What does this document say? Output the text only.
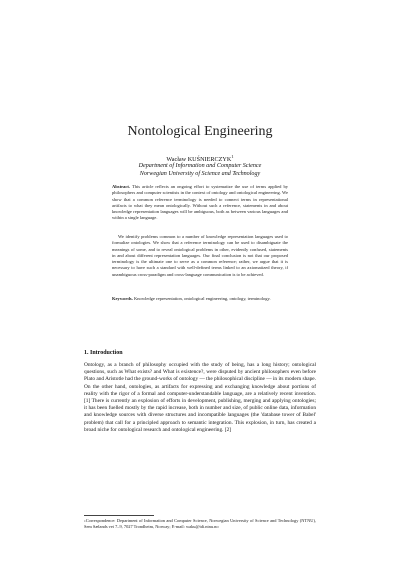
Nontological Engineering
Wacław KUŚNIERCZYK$^1$
Department of Information and Computer Science
Norwegian University of Science and Technology
Abstract. This article reflects an ongoing effort to systematize the use of terms applied by philosophers and computer scientists in the context of ontology and ontological engineering. We show that a common reference terminology is needed to connect terms in representational artifacts to what they mean ontologically. Without such a reference, statements in and about knowledge representation languages will be ambiguous, both as between various languages and within a single language.
We identify problems common to a number of knowledge representation languages used to formalize ontologies. We show that a reference terminology can be used to disambiguate the meanings of some, and to reveal ontological problems in other, evidently confused, statements in and about different representation languages. Our final conclusion is not that our proposed terminology is the ultimate one to serve as a common reference; rather, we argue that it is necessary to have such a standard with well-defined terms linked to an axiomatized theory, if unambiguous cross-paradigm and cross-language communication is to be achieved.
Keywords. Knowledge representation, ontological engineering, ontology, terminology.
1. Introduction
Ontology, as a branch of philosophy occupied with the study of being, has a long history; ontological questions, such as What exists? and What is existence?, were disputed by ancient philosophers even before Plato and Aristotle had the ground-works of ontology — the philosophical discipline — in its modern shape. On the other hand, ontologies, as artifacts for expressing and exchanging knowledge about portions of reality with the rigor of a formal and computer-understandable language, are a relatively recent invention. [1] There is currently an explosion of efforts in development, publishing, merging and applying ontologies; it has been fuelled mostly by the rapid increase, both in number and size, of public online data, information and knowledge sources with diverse structures and incompatible languages (the 'database tower of Babel' problem) that call for a principled approach to semantic integration. This explosion, in turn, has created a broad niche for ontological research and ontological engineering. [2]
$^1$Correspondence: Department of Information and Computer Science, Norwegian University of Science and Technology (NTNU), Sem Sælands vei 7–9, 7027 Trondheim, Norway; E-mail: waku@idi.ntnu.no
